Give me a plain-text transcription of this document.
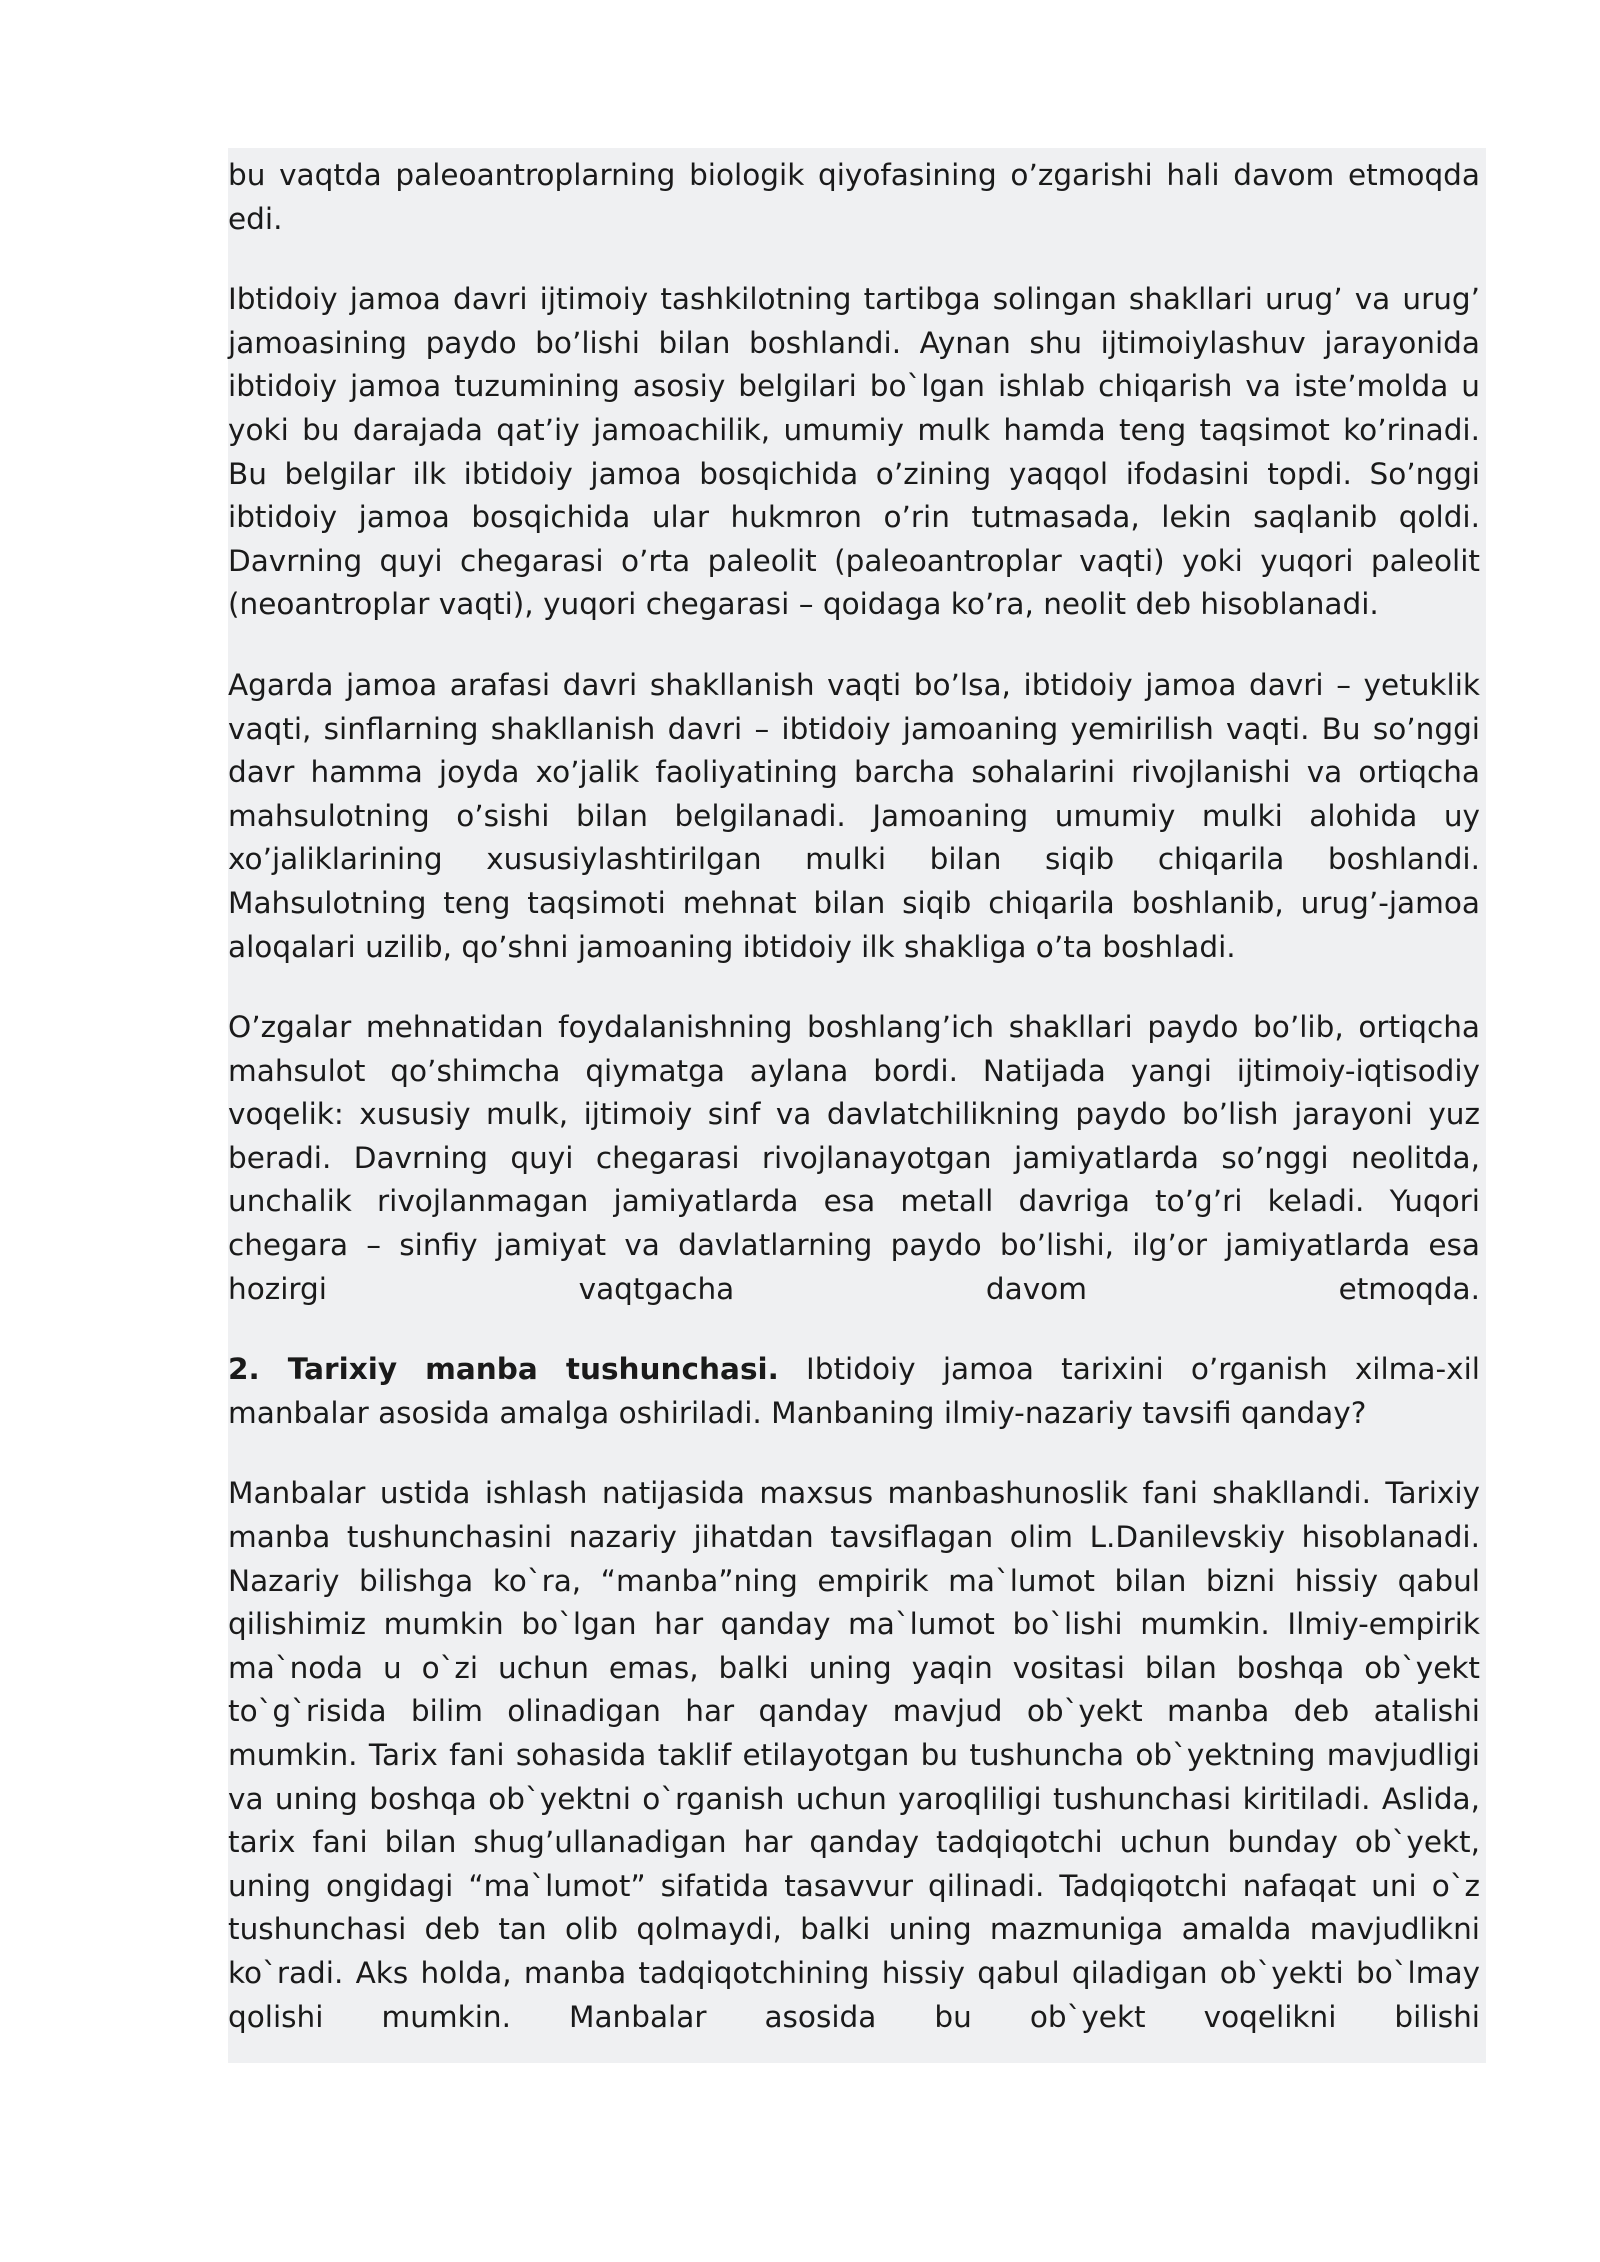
bu vaqtda paleoantroplarning biologik qiyofasining o’zgarishi hali davom etmoqda edi.

Ibtidoiy jamoa davri ijtimoiy tashkilotning tartibga solingan shakllari urug’ va urug’ jamoasining paydo bo’lishi bilan boshlandi. Aynan shu ijtimoiylashuv jarayonida ibtidoiy jamoa tuzumining asosiy belgilari bo`lgan ishlab chiqarish va iste’molda u yoki bu darajada qat’iy jamoachilik, umumiy mulk hamda teng taqsimot ko’rinadi. Bu belgilar ilk ibtidoiy jamoa bosqichida o’zining yaqqol ifodasini topdi. So’nggi ibtidoiy jamoa bosqichida ular hukmron o’rin tutmasada, lekin saqlanib qoldi. Davrning quyi chegarasi o’rta paleolit (paleoantroplar vaqti) yoki yuqori paleolit (neoantroplar vaqti), yuqori chegarasi – qoidaga ko’ra, neolit deb hisoblanadi.

Agarda jamoa arafasi davri shakllanish vaqti bo’lsa, ibtidoiy jamoa davri – yetuklik vaqti, sinflarning shakllanish davri – ibtidoiy jamoaning yemirilish vaqti. Bu so’nggi davr hamma joyda xo’jalik faoliyatining barcha sohalarini rivojlanishi va ortiqcha mahsulotning o’sishi bilan belgilanadi. Jamoaning umumiy mulki alohida uy xo’jaliklarining xususiylashtirilgan mulki bilan siqib chiqarila boshlandi. Mahsulotning teng taqsimoti mehnat bilan siqib chiqarila boshlanib, urug’-jamoa aloqalari uzilib, qo’shni jamoaning ibtidoiy ilk shakliga o’ta boshladi.

O’zgalar mehnatidan foydalanishning boshlang’ich shakllari paydo bo’lib, ortiqcha mahsulot qo’shimcha qiymatga aylana bordi. Natijada yangi ijtimoiy-iqtisodiy voqelik: xususiy mulk, ijtimoiy sinf va davlatchilikning paydo bo’lish jarayoni yuz beradi. Davrning quyi chegarasi rivojlanayotgan jamiyatlarda so’nggi neolitda, unchalik rivojlanmagan jamiyatlarda esa metall davriga to’g’ri keladi. Yuqori chegara – sinfiy jamiyat va davlatlarning paydo bo’lishi, ilg’or jamiyatlarda esa hozirgi vaqtgacha davom etmoqda.

2. Tarixiy manba tushunchasi. Ibtidoiy jamoa tarixini o’rganish xilma-xil manbalar asosida amalga oshiriladi. Manbaning ilmiy-nazariy tavsifi qanday?

Manbalar ustida ishlash natijasida maxsus manbashunoslik fani shakllandi. Tarixiy manba tushunchasini nazariy jihatdan tavsiflagan olim L.Danilevskiy hisoblanadi. Nazariy bilishga ko`ra, “manba”ning empirik ma`lumot bilan bizni hissiy qabul qilishimiz mumkin bo`lgan har qanday ma`lumot bo`lishi mumkin. Ilmiy-empirik ma`noda u o`zi uchun emas, balki uning yaqin vositasi bilan boshqa ob`yekt to`g`risida bilim olinadigan har qanday mavjud ob`yekt manba deb atalishi mumkin. Tarix fani sohasida taklif etilayotgan bu tushuncha ob`yektning mavjudligi va uning boshqa ob`yektni o`rganish uchun yaroqliligi tushunchasi kiritiladi. Aslida, tarix fani bilan shug’ullanadigan har qanday tadqiqotchi uchun bunday ob`yekt, uning ongidagi “ma`lumot” sifatida tasavvur qilinadi. Tadqiqotchi nafaqat uni o`z tushunchasi deb tan olib qolmaydi, balki uning mazmuniga amalda mavjudlikni ko`radi. Aks holda, manba tadqiqotchining hissiy qabul qiladigan ob`yekti bo`lmay qolishi mumkin. Manbalar asosida bu ob`yekt voqelikni bilishi
